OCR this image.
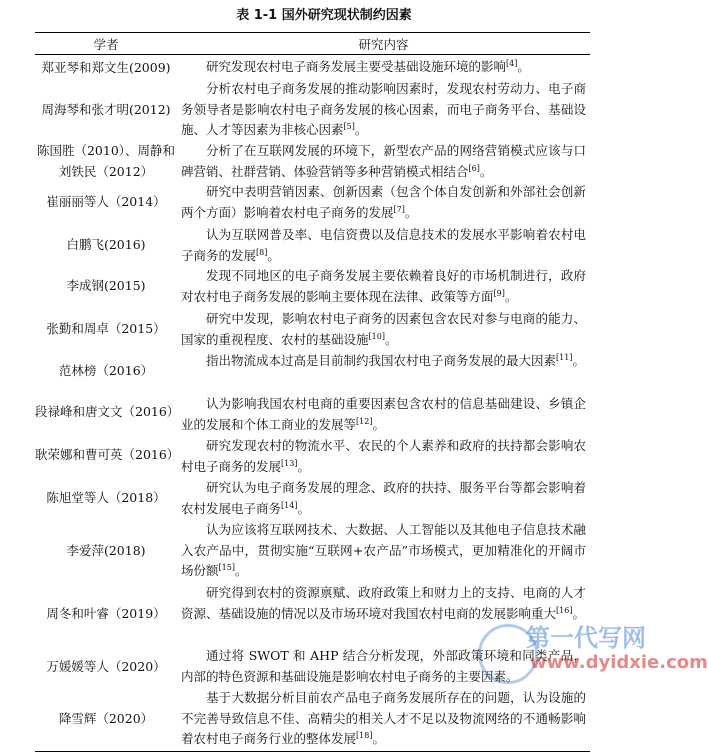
表 1-1 国外研究现状制约因素
学者	研究内容
郑亚琴和郑文生(2009)	研究发现农村电子商务发展主要受基础设施环境的影响[4]。
周海琴和张才明(2012)
分析农村电子商务发展的推动影响因素时，发现农村劳动力、电子商务领导者是影响农村电子商务发展的核心因素，而电子商务平台、基础设施、人才等因素为非核心因素[5]。
陈国胜（2010）、周静和刘铁民（2012）
分析了在互联网发展的环境下，新型农产品的网络营销模式应该与口碑营销、社群营销、体验营销等多种营销模式相结合[6]。
崔丽丽等人（2014）
研究中表明营销因素、创新因素（包含个体自发创新和外部社会创新两个方面）影响着农村电子商务的发展[7]。
白鹏飞(2016)
认为互联网普及率、电信资费以及信息技术的发展水平影响着农村电子商务的发展[8]。
李成钢(2015)
发现不同地区的电子商务发展主要依赖着良好的市场机制进行，政府对农村电子商务发展的影响主要体现在法律、政策等方面[9]。
张勤和周卓（2015）
研究中发现，影响农村电子商务的因素包含农民对参与电商的能力、国家的重视程度、农村的基础设施[10]。
范林榜（2016）
指出物流成本过高是目前制约我国农村电子商务发展的最大因素[11]。
段禄峰和唐文文（2016）
认为影响我国农村电商的重要因素包含农村的信息基础建设、乡镇企业的发展和个体工商业的发展等[12]。
耿荣娜和曹可英（2016）
研究发现农村的物流水平、农民的个人素养和政府的扶持都会影响农村电子商务的发展[13]。
陈旭堂等人（2018）
研究认为电子商务发展的理念、政府的扶持、服务平台等都会影响着农村发展电子商务[14]。
李爱萍(2018)
认为应该将互联网技术、大数据、人工智能以及其他电子信息技术融入农产品中，贯彻实施“互联网+农产品”市场模式，更加精准化的开阔市场份额[15]。
周冬和叶睿（2019）
研究得到农村的资源禀赋、政府政策上和财力上的支持、电商的人才资源、基础设施的情况以及市场环境对我国农村电商的发展影响重大[16]。
万媛媛等人（2020）
通过将 SWOT 和 AHP 结合分析发现，外部政策环境和同类产品，内部的特色资源和基础设施是影响农村电子商务的主要因素。
降雪辉（2020）
基于大数据分析目前农产品电子商务发展所存在的问题，认为设施的不完善导致信息不佳、高精尖的相关人才不足以及物流网络的不通畅影响着农村电子商务行业的整体发展[18]。
第一代写网
www.dyidxie.com
